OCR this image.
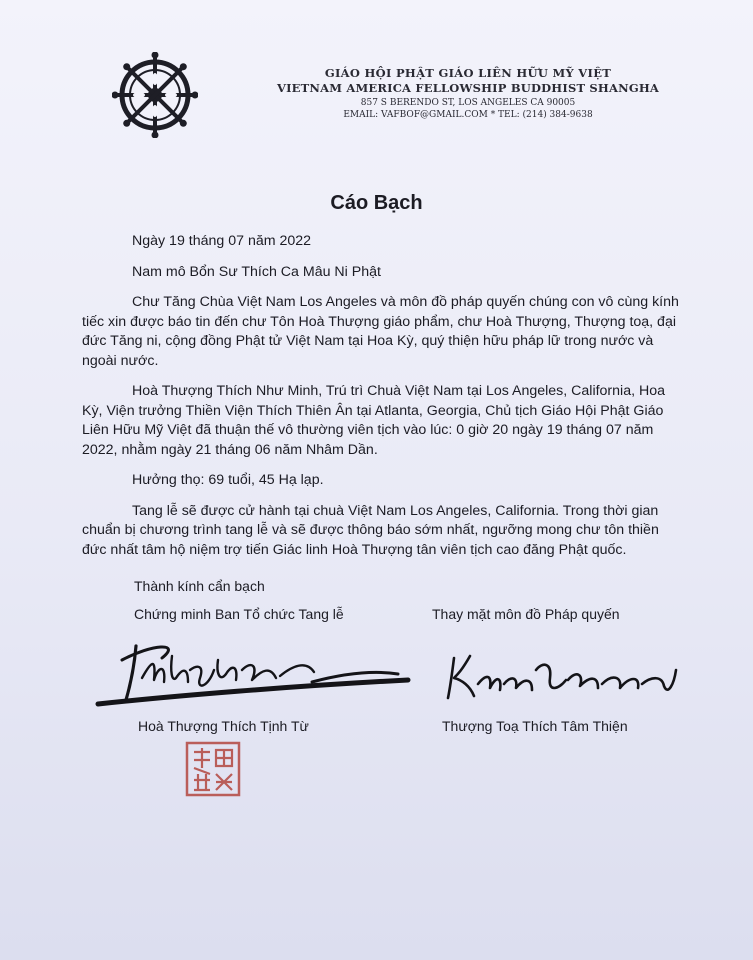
GIÁO HỘI PHẬT GIÁO LIÊN HỮU MỸ VIỆT
VIETNAM AMERICA FELLOWSHIP BUDDHIST SHANGHA
857 S BERENDO ST, LOS ANGELES CA 90005
EMAIL: VAFBOF@GMAIL.COM * TEL: (214) 384-9638
Cáo Bạch

Ngày 19 tháng 07 năm 2022

Nam mô Bổn Sư Thích Ca Mâu Ni Phật

Chư Tăng Chùa Việt Nam Los Angeles và môn đồ pháp quyến chúng con vô cùng kính tiếc xin được báo tin đến chư Tôn Hoà Thượng giáo phẩm, chư Hoà Thượng, Thượng toạ, đại đức Tăng ni, cộng đồng Phật tử Việt Nam tại Hoa Kỳ, quý thiện hữu pháp lữ trong nước và ngoài nước.

Hoà Thượng Thích Như Minh, Trú trì Chuà Việt Nam tại Los Angeles, California, Hoa Kỳ, Viện trưởng Thiền Viện Thích Thiên Ân tại Atlanta, Georgia, Chủ tịch Giáo Hội Phật Giáo Liên Hữu Mỹ Việt đã thuận thế vô thường viên tịch vào lúc: 0 giờ 20 ngày 19 tháng 07 năm 2022, nhằm ngày 21 tháng 06 năm Nhâm Dần.

Hưởng thọ: 69 tuổi, 45 Hạ lạp.

Tang lễ sẽ được cử hành tại chuà Việt Nam Los Angeles, California. Trong thời gian chuẩn bị chương trình tang lễ và sẽ được thông báo sớm nhất, ngưỡng mong chư tôn thiền đức nhất tâm hộ niệm trợ tiến Giác linh Hoà Thượng tân viên tịch cao đăng Phật quốc.

Thành kính cẩn bạch
Chứng minh Ban Tổ chức Tang lễ	Thay mặt môn đồ Pháp quyến
Hoà Thượng Thích Tịnh Từ	Thượng Toạ Thích Tâm Thiện
